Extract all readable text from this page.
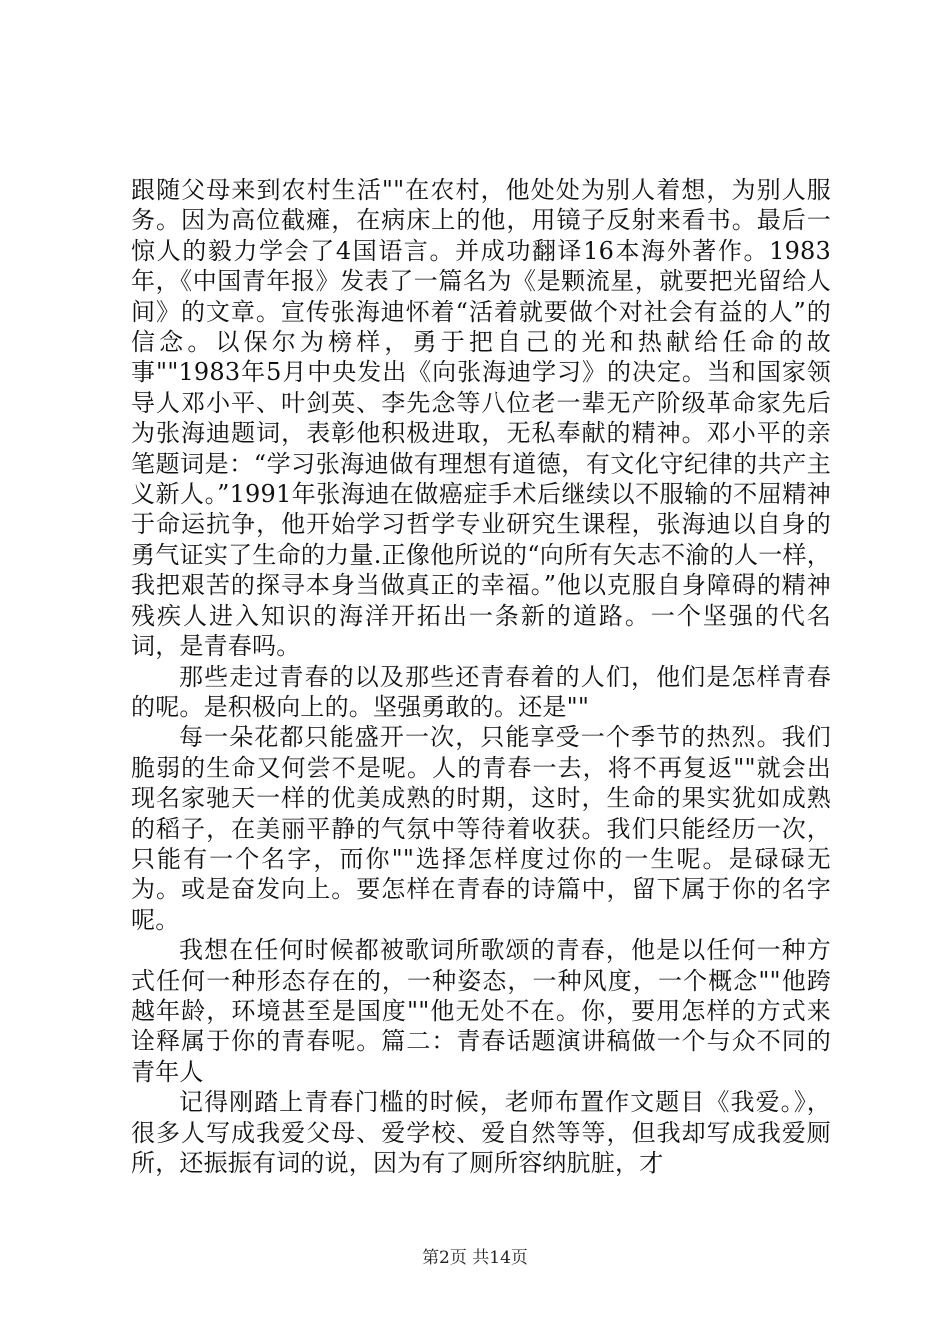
跟随父母来到农村生活""在农村，他处处为别人着想，为别人服务。因为高位截瘫，在病床上的他，用镜子反射来看书。最后一惊人的毅力学会了4国语言。并成功翻译16本海外著作。1983年，《中国青年报》发表了一篇名为《是颗流星，就要把光留给人间》的文章。宣传张海迪怀着“活着就要做个对社会有益的人”的信念。以保尔为榜样，勇于把自己的光和热献给任命的故事""1983年5月中央发出《向张海迪学习》的决定。当和国家领导人邓小平、叶剑英、李先念等八位老一辈无产阶级革命家先后为张海迪题词，表彰他积极进取，无私奉献的精神。邓小平的亲笔题词是：“学习张海迪做有理想有道德，有文化守纪律的共产主义新人。”1991年张海迪在做癌症手术后继续以不服输的不屈精神于命运抗争，他开始学习哲学专业研究生课程，张海迪以自身的勇气证实了生命的力量.正像他所说的“向所有矢志不渝的人一样，我把艰苦的探寻本身当做真正的幸福。”他以克服自身障碍的精神残疾人进入知识的海洋开拓出一条新的道路。一个坚强的代名词，是青春吗。

那些走过青春的以及那些还青春着的人们，他们是怎样青春的呢。是积极向上的。坚强勇敢的。还是""

每一朵花都只能盛开一次，只能享受一个季节的热烈。我们脆弱的生命又何尝不是呢。人的青春一去，将不再复返""就会出现名家驰天一样的优美成熟的时期，这时，生命的果实犹如成熟的稻子，在美丽平静的气氛中等待着收获。我们只能经历一次，只能有一个名字，而你""选择怎样度过你的一生呢。是碌碌无为。或是奋发向上。要怎样在青春的诗篇中，留下属于你的名字呢。

我想在任何时候都被歌词所歌颂的青春，他是以任何一种方式任何一种形态存在的，一种姿态，一种风度，一个概念""他跨越年龄，环境甚至是国度""他无处不在。你，要用怎样的方式来诠释属于你的青春呢。篇二：青春话题演讲稿做一个与众不同的青年人

记得刚踏上青春门槛的时候，老师布置作文题目《我爱。》，很多人写成我爱父母、爱学校、爱自然等等，但我却写成我爱厕所，还振振有词的说，因为有了厕所容纳肮脏，才

第2页 共14页
